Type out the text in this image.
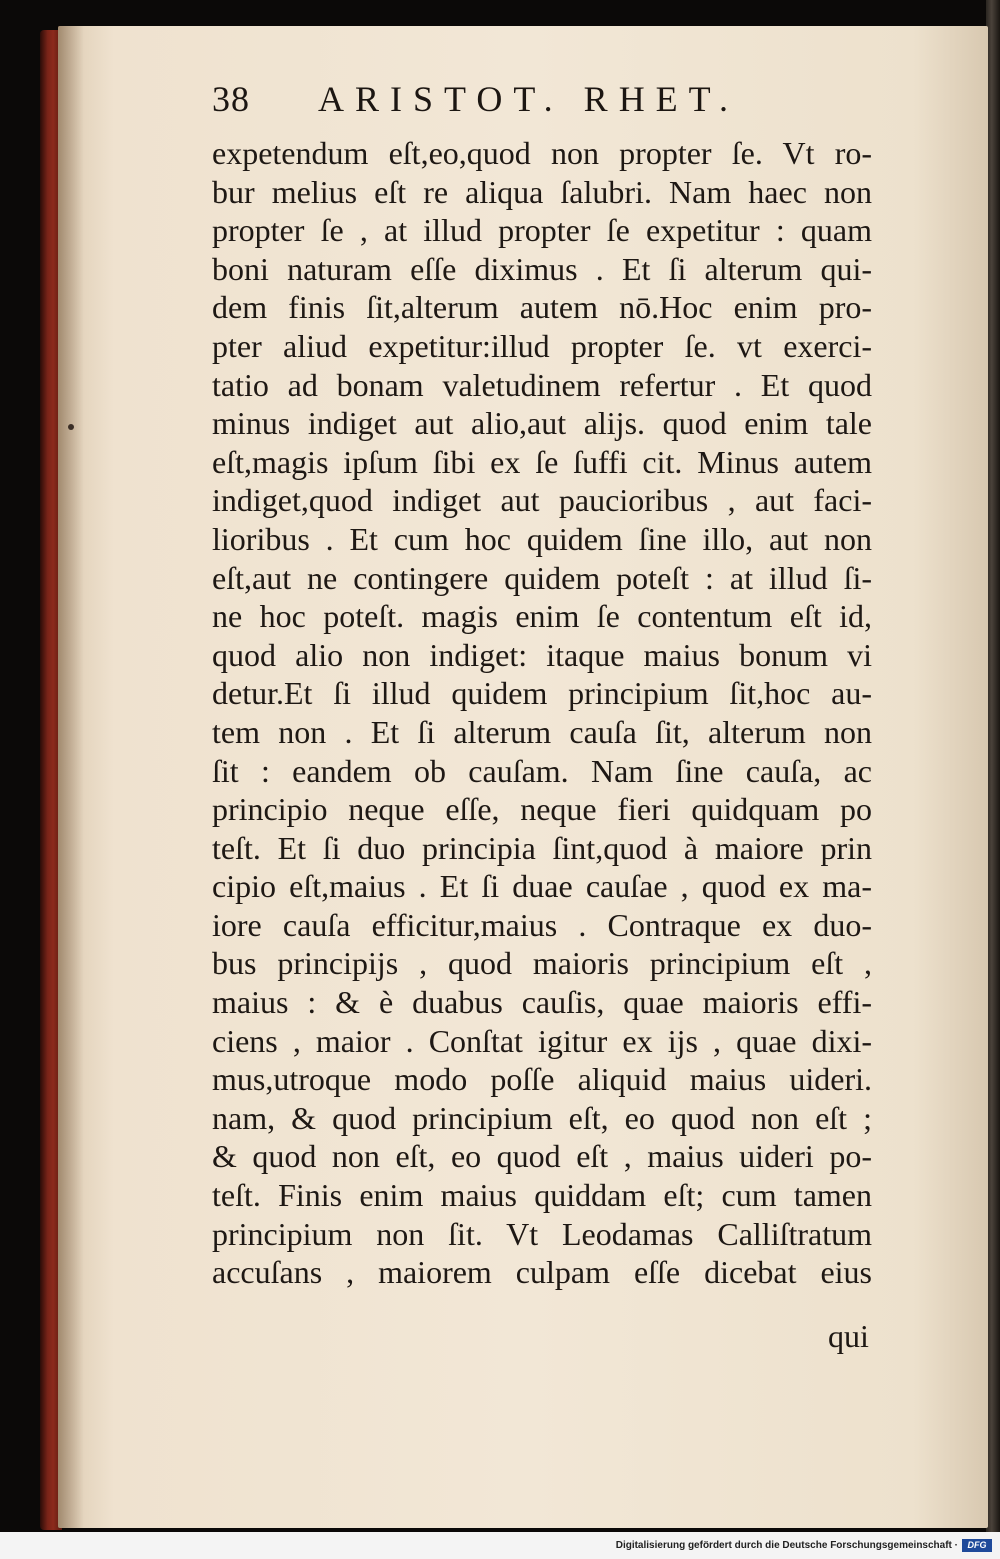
38 ARISTOT. RHET.
expetendum eſt,eo,quod non propter ſe. Vt ro-
bur melius eſt re aliqua ſalubri. Nam haec non
propter ſe , at illud propter ſe expetitur : quam
boni naturam eſſe diximus . Et ſi alterum qui-
dem finis ſit,alterum autem nō.Hoc enim pro-
pter aliud expetitur:illud propter ſe. vt exerci-
tatio ad bonam valetudinem refertur . Et quod
minus indiget aut alio,aut alijs. quod enim tale
eſt,magis ipſum ſibi ex ſe ſuffi cit. Minus autem
indiget,quod indiget aut paucioribus , aut faci-
lioribus . Et cum hoc quidem ſine illo, aut non
eſt,aut ne contingere quidem poteſt : at illud ſi-
ne hoc poteſt. magis enim ſe contentum eſt id,
quod alio non indiget: itaque maius bonum vi
detur.Et ſi illud quidem principium ſit,hoc au-
tem non . Et ſi alterum cauſa ſit, alterum non
ſit : eandem ob cauſam. Nam ſine cauſa, ac
principio neque eſſe, neque fieri quidquam po
teſt. Et ſi duo principia ſint,quod à maiore prin
cipio eſt,maius . Et ſi duae cauſae , quod ex ma-
iore cauſa efficitur,maius . Contraque ex duo-
bus principijs , quod maioris principium eſt ,
maius : & è duabus cauſis, quae maioris effi-
ciens , maior . Conſtat igitur ex ijs , quae dixi-
mus,utroque modo poſſe aliquid maius uideri.
nam, & quod principium eſt, eo quod non eſt ;
& quod non eſt, eo quod eſt , maius uideri po-
teſt. Finis enim maius quiddam eſt; cum tamen
principium non ſit. Vt Leodamas Calliſtratum
accuſans , maiorem culpam eſſe dicebat eius
qui
Digitalisierung gefördert durch die Deutsche Forschungsgemeinschaft ·	DFG
